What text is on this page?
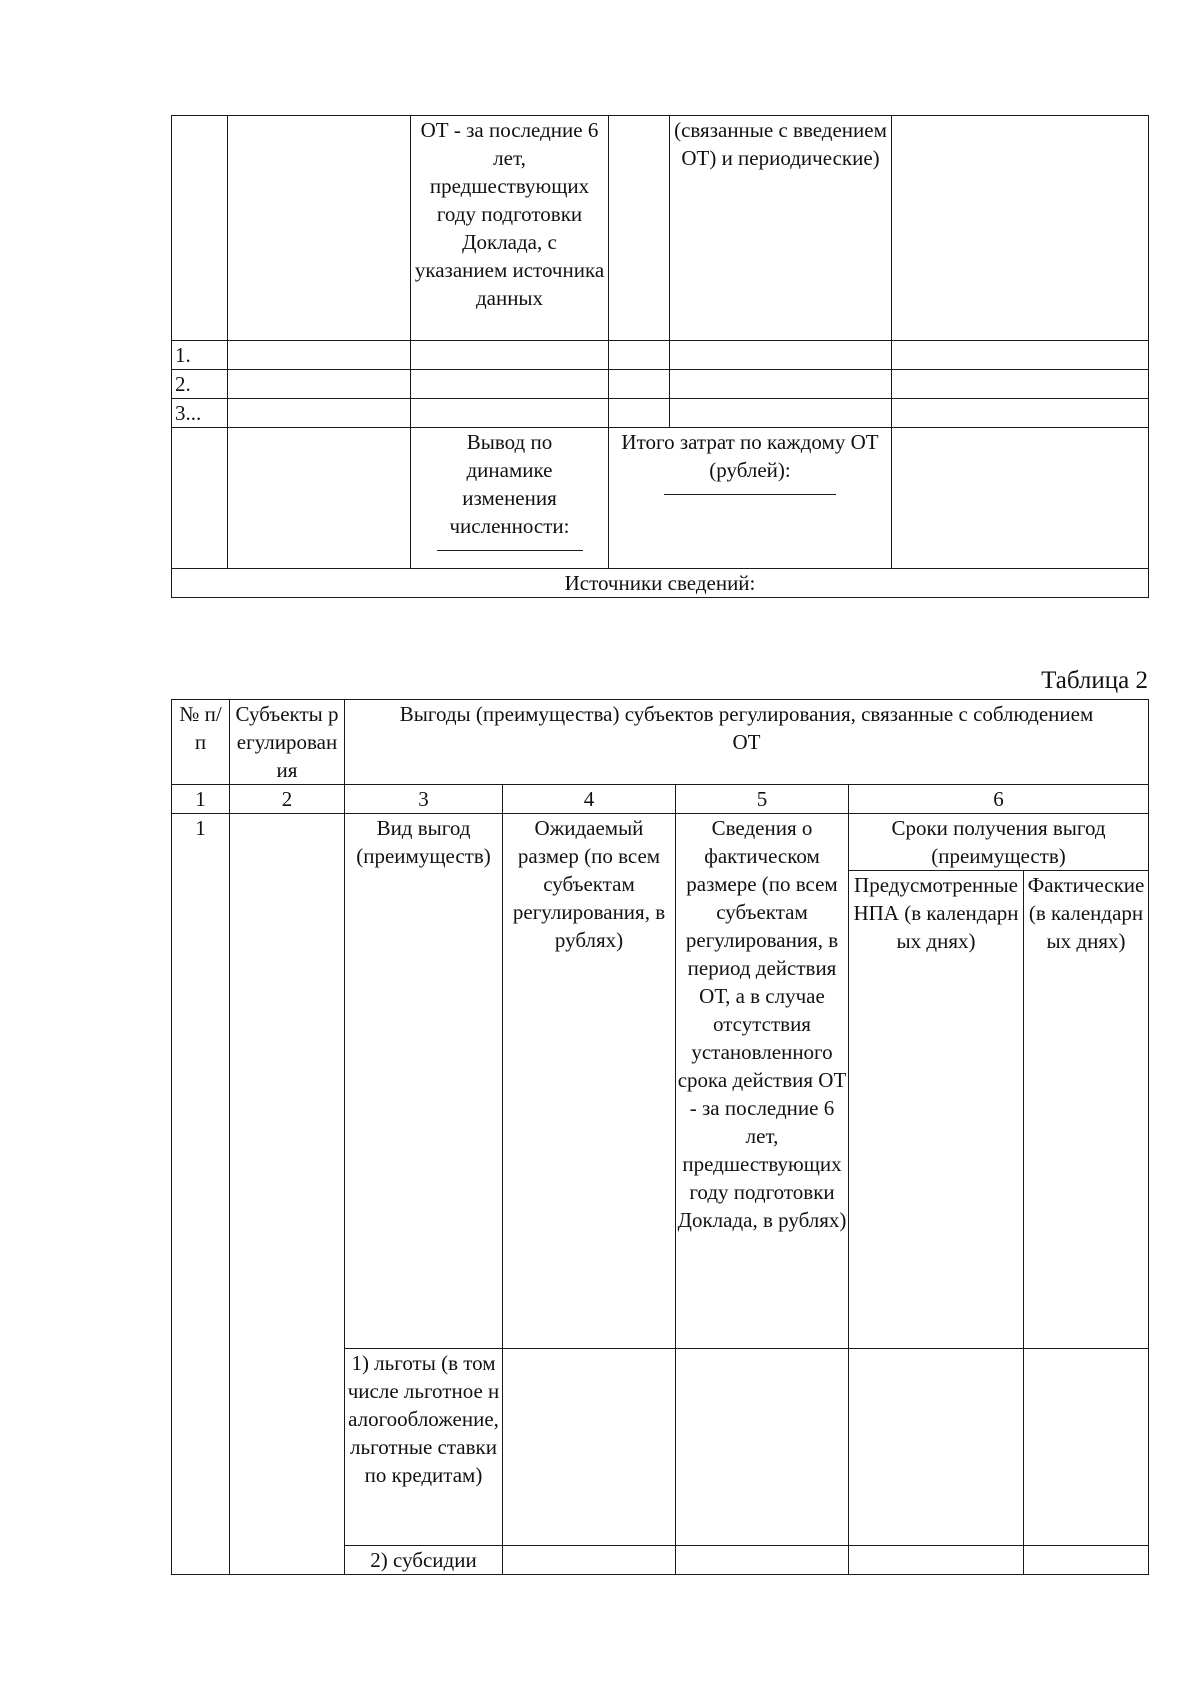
		ОТ - за последние 6 лет, предшествующих году подготовки Доклада, с указанием источника данных		(связанные с введением ОТ) и периодические)	
1.					
2.					
3...					

		Вывод по динамике изменения численности:	Итого затрат по каждому ОТ (рублей):		

Источники сведений:					
Таблица 2
№ п/п	Субъекты регулирования	Выгоды (преимущества) субъектов регулирования, связанные с соблюдением ОТ				
1	2	3	4	5	6	
1		Вид выгод (преимуществ)	Ожидаемый размер (по всем субъектам регулирования, в рублях)	Сведения о фактическом размере (по всем субъектам регулирования, в период действия ОТ, а в случае отсутствия установленного срока действия ОТ - за последние 6 лет, предшествующих году подготовки Доклада, в рублях)	Сроки получения выгод (преимуществ)	
					Предусмотренные НПА (в календарных днях)	Фактические (в календарных днях)
		1) льготы (в том числе льготное налогообложение, льготные ставки по кредитам)				
		2) субсидии				
